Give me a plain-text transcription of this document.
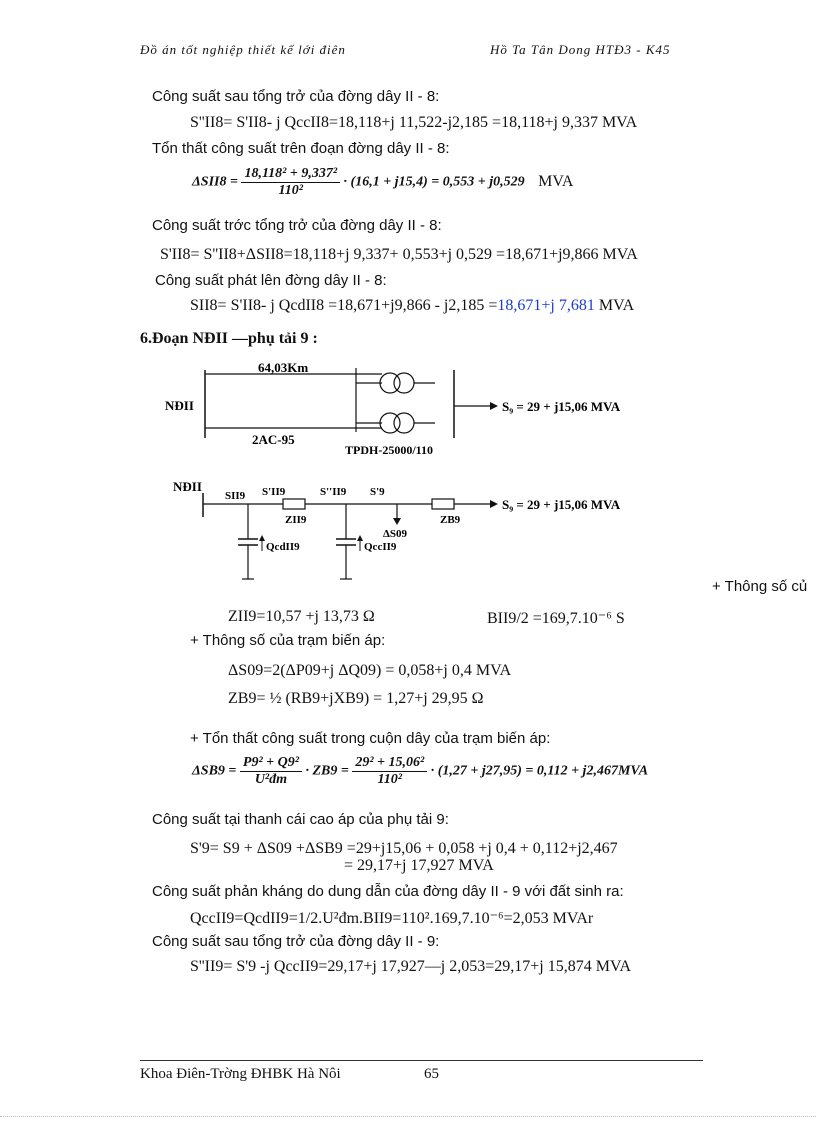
Đồ án tốt nghiệp thiết kế lới điên	Hồ Ta Tân Dong HTĐ3 - K45
Công suất sau tổng trở của đờng dây II - 8:
S''II8= S'II8- j QccII8=18,118+j 11,522-j2,185 =18,118+j 9,337 MVA
Tổn thất công suất trên đoạn đờng dây II - 8:
$\Delta SII8 = \frac{\text{18,118² + 9,337²}}{\text{110²}} \cdot (16,1 + j15,4) = 0,553 + j0,529$ MVA
Công suất trớc tổng trở của đờng dây II - 8:
S'II8= S''II8+ΔSII8=18,118+j 9,337+ 0,553+j 0,529 =18,671+j9,866 MVA
Công suất phát lên đờng dây II - 8:
SII8= S'II8- j QcdII8 =18,671+j9,866 - j2,185 =18,671+j 7,681 MVA
6.Đoạn NĐII —phụ tải 9 :
NĐII
64,03Km
2AC-95
TPDH-25000/110
S₉ = 29 + j15,06 MVA
NĐII
SII9 S'II9	S''II9 S'9
ZII9	ZB9
QcdII9	QccII9
ΔS09
S₉ = 29 + j15,06 MVA
+ Thông số củ
ZII9=10,57 +j 13,73 Ω	BII9/2 =169,7.10⁻⁶ S
+ Thông số của trạm biến áp:
ΔS09=2(ΔP09+j ΔQ09) = 0,058+j 0,4 MVA
ZB9= ½ (RB9+jXB9) = 1,27+j 29,95 Ω
+ Tổn thất công suất trong cuộn dây của trạm biến áp:
$\Delta SB9 = \frac{\text{P9² + Q9²}}{\text{U²đm}} \cdot ZB9 = \frac{\text{29² + 15,06²}}{\text{110²}} \cdot (1,27 + j27,95) = 0,112 + j2,467MVA$
Công suất tại thanh cái cao áp của phụ tải 9:
S'9= S9 + ΔS09 +ΔSB9 =29+j15,06 + 0,058 +j 0,4 + 0,112+j2,467
= 29,17+j 17,927 MVA
Công suất phản kháng do dung dẫn của đờng dây II - 9 với đất sinh ra:
QccII9=QcdII9=1/2.U²đm.BII9=110².169,7.10⁻⁶=2,053 MVAr
Công suất sau tổng trở của đờng dây II - 9:
S''II9= S'9 -j QccII9=29,17+j 17,927—j 2,053=29,17+j 15,874 MVA
Khoa Điên-Trờng ĐHBK Hà Nôi	65
